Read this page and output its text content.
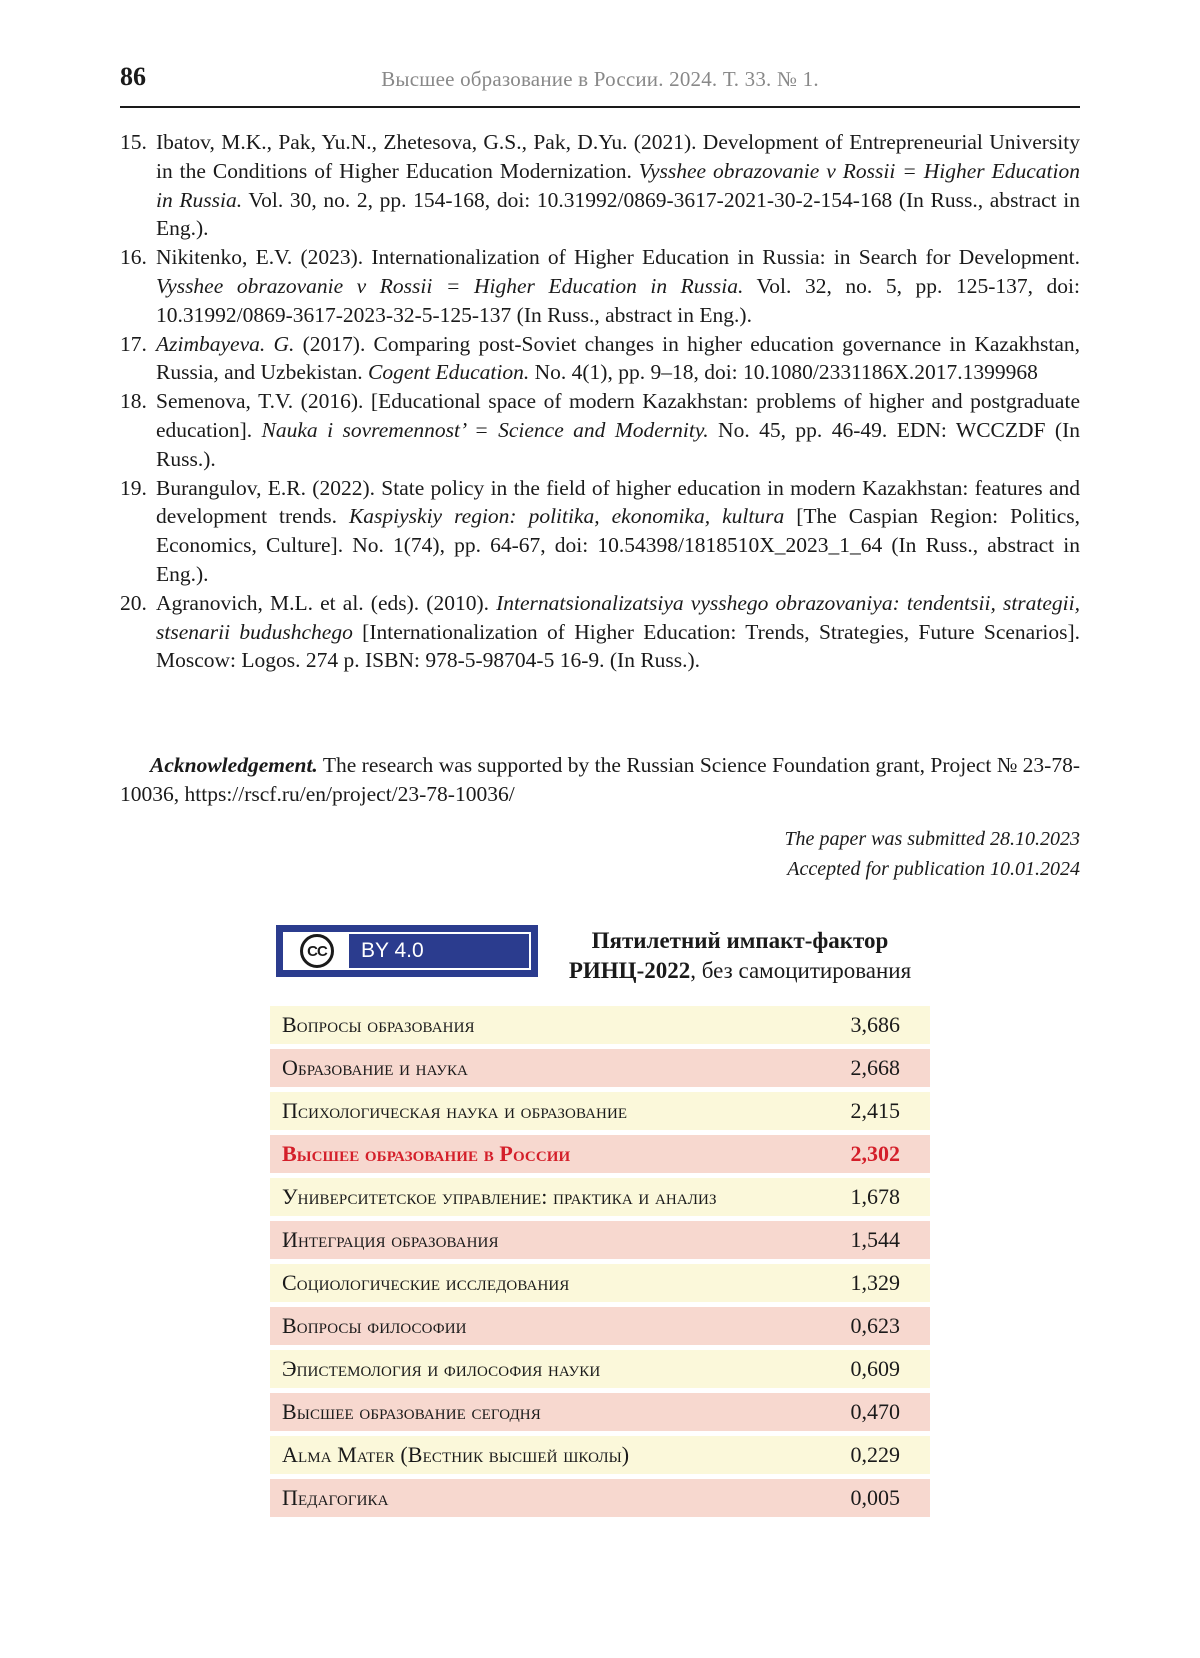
86	Высшее образование в России. 2024. Т. 33. № 1.
15. Ibatov, M.K., Pak, Yu.N., Zhetesova, G.S., Pak, D.Yu. (2021). Development of Entrepreneurial University in the Conditions of Higher Education Modernization. Vysshee obrazovanie v Rossii = Higher Education in Russia. Vol. 30, no. 2, pp. 154-168, doi: 10.31992/0869-3617-2021-30-2-154-168 (In Russ., abstract in Eng.).
16. Nikitenko, E.V. (2023). Internationalization of Higher Education in Russia: in Search for Development. Vysshee obrazovanie v Rossii = Higher Education in Russia. Vol. 32, no. 5, pp. 125-137, doi: 10.31992/0869-3617-2023-32-5-125-137 (In Russ., abstract in Eng.).
17. Azimbayeva. G. (2017). Comparing post-Soviet changes in higher education governance in Kazakhstan, Russia, and Uzbekistan. Cogent Education. No. 4(1), pp. 9–18, doi: 10.1080/2331186X.2017.1399968
18. Semenova, T.V. (2016). [Educational space of modern Kazakhstan: problems of higher and postgraduate education]. Nauka i sovremennost’ = Science and Modernity. No. 45, pp. 46-49. EDN: WCCZDF (In Russ.).
19. Burangulov, E.R. (2022). State policy in the field of higher education in modern Kazakhstan: features and development trends. Kaspiyskiy region: politika, ekonomika, kultura [The Caspian Region: Politics, Economics, Culture]. No. 1(74), pp. 64-67, doi: 10.54398/1818510X_2023_1_64 (In Russ., abstract in Eng.).
20. Agranovich, M.L. et al. (eds). (2010). Internatsionalizatsiya vysshego obrazovaniya: tendentsii, strategii, stsenarii budushchego [Internationalization of Higher Education: Trends, Strategies, Future Scenarios]. Moscow: Logos. 274 p. ISBN: 978-5-98704-5 16-9. (In Russ.).

Acknowledgement. The research was supported by the Russian Science Foundation grant, Project № 23-78-10036, https://rscf.ru/en/project/23-78-10036/

The paper was submitted 28.10.2023
Accepted for publication 10.01.2024
CC	BY 4.0	Пятилетний импакт-фактор
РИНЦ-2022, без самоцитирования
Вопросы образования	3,686
Образование и наука	2,668
Психологическая наука и образование	2,415
Высшее образование в России	2,302
Университетское управление: практика и анализ	1,678
Интеграция образования	1,544
Социологические исследования	1,329
Вопросы философии	0,623
Эпистемология и философия науки	0,609
Высшее образование сегодня	0,470
Alma Mater (Вестник высшей школы)	0,229
Педагогика	0,005
